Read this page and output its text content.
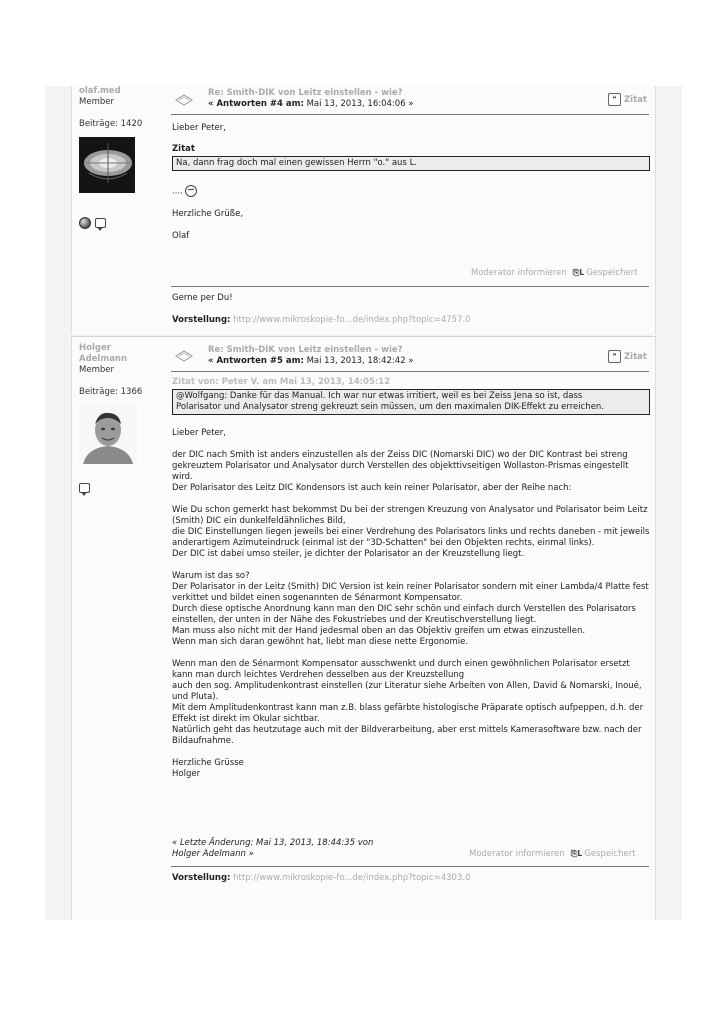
olaf.med
Member
Beiträge: 1420
Re: Smith-DIK von Leitz einstellen - wie?
« Antworten #4 am: Mai 13, 2013, 16:04:06 »	❝ Zitat

Lieber Peter,

Zitat

Na, dann frag doch mal einen gewissen Herrn "o." aus L.

....

Herzliche Grüße,

Olaf

Moderator informieren ⎘L Gespeichert
Gerne per Du!
Vorstellung: http://www.mikroskopie-fo...de/index.php?topic=4757.0
Holger
Adelmann
Member
Beiträge: 1366
Re: Smith-DIK von Leitz einstellen - wie?
« Antworten #5 am: Mai 13, 2013, 18:42:42 »	❝ Zitat

Zitat von: Peter V. am Mai 13, 2013, 14:05:12

@Wolfgang: Danke für das Manual. Ich war nur etwas irritiert, weil es bei Zeiss Jena so ist, dass
Polarisator und Analysator streng gekreuzt sein müssen, um den maximalen DIK-Effekt zu erreichen.

Lieber Peter,

der DIC nach Smith ist anders einzustellen als der Zeiss DIC (Nomarski DIC) wo der DIC Kontrast bei streng gekreuztem Polarisator und Analysator durch Verstellen des objekttivseitigen Wollaston-Prismas eingestellt wird.
Der Polarisator des Leitz DIC Kondensors ist auch kein reiner Polarisator, aber der Reihe nach:

Wie Du schon gemerkt hast bekommst Du bei der strengen Kreuzung von Analysator und Polarisator beim Leitz (Smith) DIC ein dunkelfeldähnliches Bild,
die DIC Einstellungen liegen jeweils bei einer Verdrehung des Polarisators links und rechts daneben - mit jeweils anderartigem Azimuteindruck (einmal ist der "3D-Schatten" bei den Objekten rechts, einmal links).
Der DIC ist dabei umso steiler, je dichter der Polarisator an der Kreuzstellung liegt.

Warum ist das so?
Der Polarisator in der Leitz (Smith) DIC Version ist kein reiner Polarisator sondern mit einer Lambda/4 Platte fest verkittet und bildet einen sogenannten de Sénarmont Kompensator.
Durch diese optische Anordnung kann man den DIC sehr schön und einfach durch Verstellen des Polarisators einstellen, der unten in der Nähe des Fokustriebes und der Kreutischverstellung liegt.
Man muss also nicht mit der Hand jedesmal oben an das Objektiv greifen um etwas einzustellen.
Wenn man sich daran gewöhnt hat, liebt man diese nette Ergonomie.

Wenn man den de Sénarmont Kompensator ausschwenkt und durch einen gewöhnlichen Polarisator ersetzt kann man durch leichtes Verdrehen desselben aus der Kreuzstellung
auch den sog. Amplitudenkontrast einstellen (zur Literatur siehe Arbeiten von Allen, David & Nomarski, Inoué, und Pluta).
Mit dem Amplitudenkontrast kann man z.B. blass gefärbte histologische Präparate optisch aufpeppen, d.h. der Effekt ist direkt im Okular sichtbar.
Natürlich geht das heutzutage auch mit der Bildverarbeitung, aber erst mittels Kamerasoftware bzw. nach der Bildaufnahme.

Herzliche Grüsse
Holger

« Letzte Änderung: Mai 13, 2013, 18:44:35 von Holger Adelmann »	Moderator informieren ⎘L Gespeichert
Vorstellung: http://www.mikroskopie-fo...de/index.php?topic=4303.0
